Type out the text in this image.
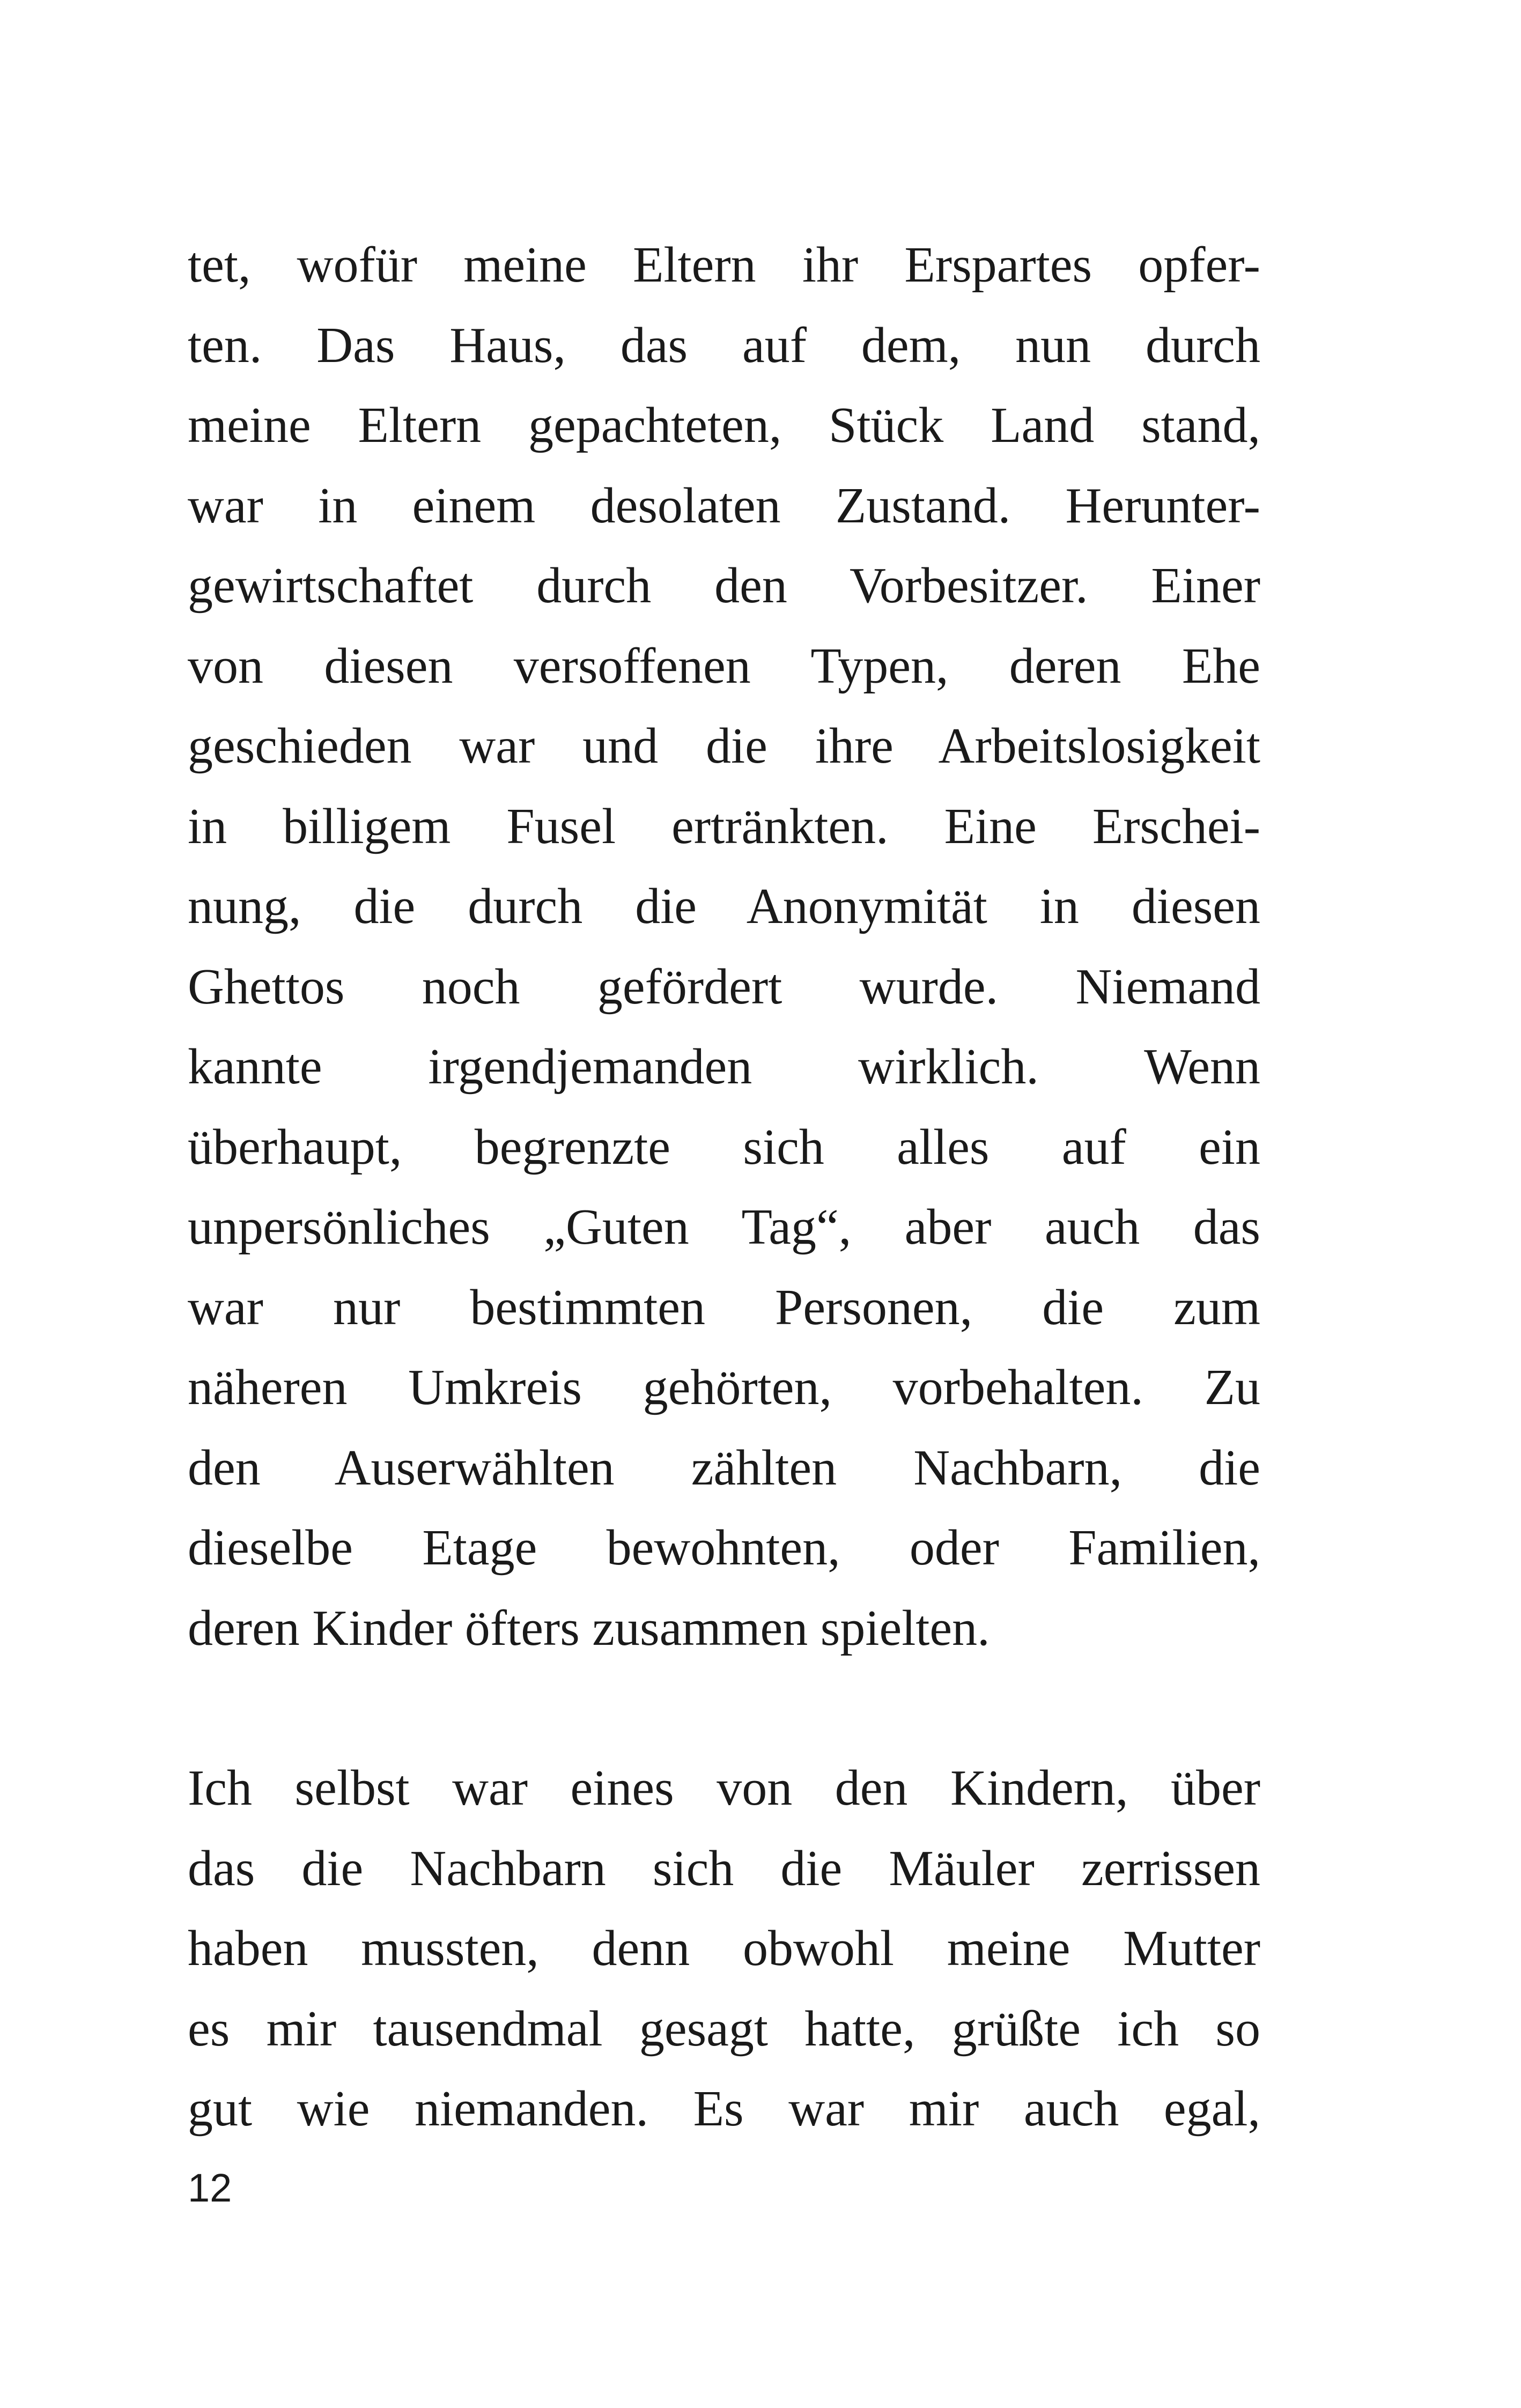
tet, wofür meine Eltern ihr Erspartes opfer-
ten. Das Haus, das auf dem, nun durch
meine Eltern gepachteten, Stück Land stand,
war in einem desolaten Zustand. Herunter-
gewirtschaftet durch den Vorbesitzer. Einer
von diesen versoffenen Typen, deren Ehe
geschieden war und die ihre Arbeitslosigkeit
in billigem Fusel ertränkten. Eine Erschei-
nung, die durch die Anonymität in diesen
Ghettos noch gefördert wurde. Niemand
kannte irgendjemanden wirklich. Wenn
überhaupt, begrenzte sich alles auf ein
unpersönliches „Guten Tag“, aber auch das
war nur bestimmten Personen, die zum
näheren Umkreis gehörten, vorbehalten. Zu
den Auserwählten zählten Nachbarn, die
dieselbe Etage bewohnten, oder Familien,
deren Kinder öfters zusammen spielten.
Ich selbst war eines von den Kindern, über
das die Nachbarn sich die Mäuler zerrissen
haben mussten, denn obwohl meine Mutter
es mir tausendmal gesagt hatte, grüßte ich so
gut wie niemanden. Es war mir auch egal,
12
